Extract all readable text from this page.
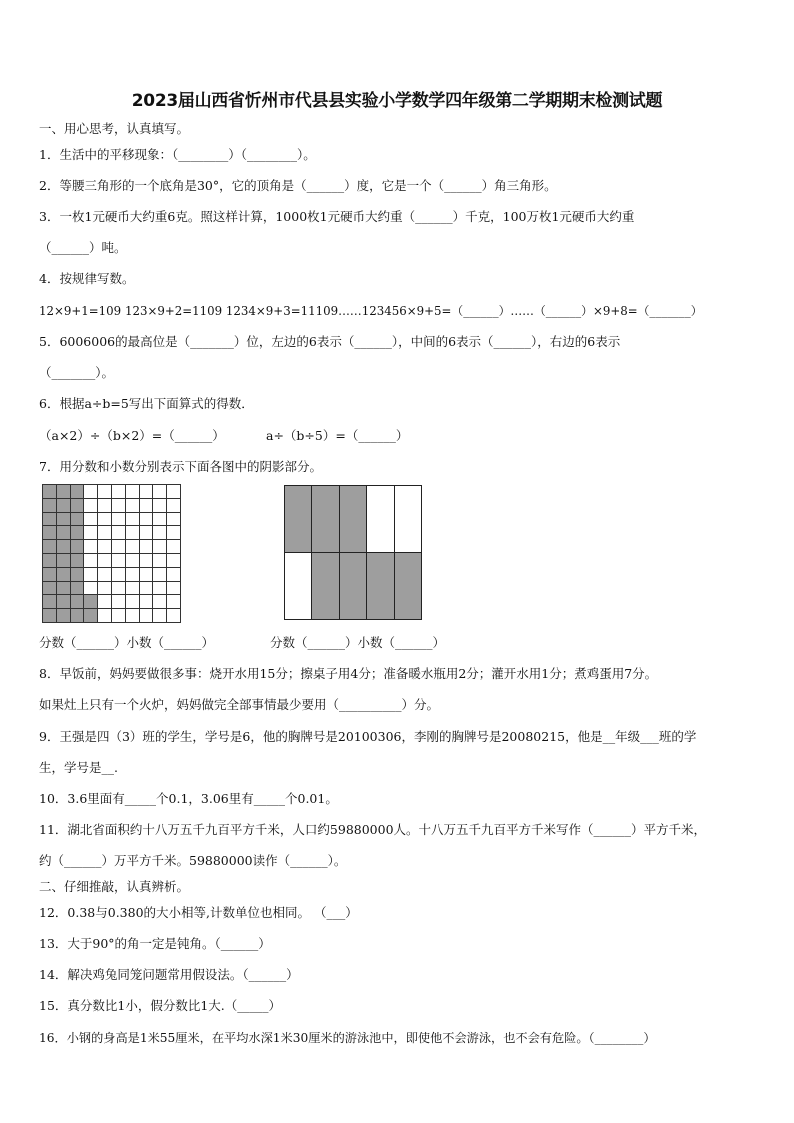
2023届山西省忻州市代县县实验小学数学四年级第二学期期末检测试题
一、用心思考，认真填写。
1．生活中的平移现象：（________）（________）。
2．等腰三角形的一个底角是30°，它的顶角是（______）度，它是一个（______）角三角形。
3．一枚1元硬币大约重6克。照这样计算，1000枚1元硬币大约重（______）千克，100万枚1元硬币大约重
（______）吨。
4．按规律写数。
12×9+1=109 123×9+2=1109 1234×9+3=11109……123456×9+5=（______）……（______）×9+8=（_______）
5．6006006的最高位是（_______）位，左边的6表示（______），中间的6表示（______），右边的6表示
（_______）。
6．根据a÷b=5写出下面算式的得数．
（a×2）÷（b×2）=（______）	a÷（b÷5）=（______）
7．用分数和小数分别表示下面各图中的阴影部分。
分数（______）小数（______）	分数（______）小数（______）
8．早饭前，妈妈要做很多事：烧开水用15分；擦桌子用4分；准备暖水瓶用2分；灌开水用1分；煮鸡蛋用7分。
如果灶上只有一个火炉，妈妈做完全部事情最少要用（__________）分。
9．王强是四（3）班的学生，学号是6，他的胸牌号是20100306，李刚的胸牌号是20080215，他是__年级___班的学
生，学号是__.
10．3.6里面有_____个0.1，3.06里有_____个0.01。
11．湖北省面积约十八万五千九百平方千米，人口约59880000人。十八万五千九百平方千米写作（______）平方千米，
约（______）万平方千米。59880000读作（______）。
二、仔细推敲，认真辨析。
12．0.38与0.380的大小相等,计数单位也相同。 （___）
13．大于90°的角一定是钝角。（______）
14．解决鸡兔同笼问题常用假设法。（______）
15．真分数比1小，假分数比1大.（_____）
16．小钢的身高是1米55厘米，在平均水深1米30厘米的游泳池中，即使他不会游泳，也不会有危险。（________）
